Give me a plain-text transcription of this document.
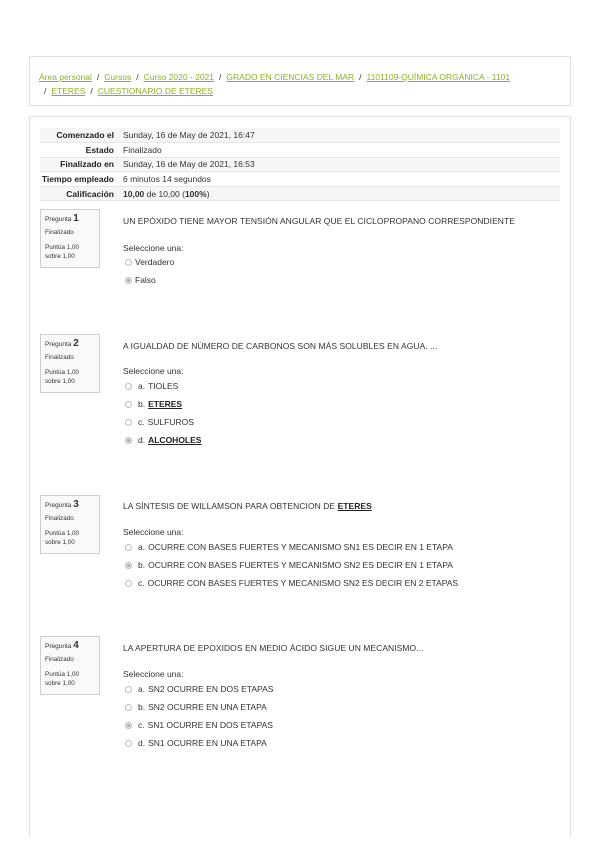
Área personal / Cursos / Curso 2020 - 2021 / GRADO EN CIENCIAS DEL MAR / 1101109-QUÍMICA ORGÁNICA - 1101
/ ETERES / CUESTIONARIO DE ETERES
Comenzado el	Sunday, 16 de May de 2021, 16:47
Estado	Finalizado
Finalizado en	Sunday, 16 de May de 2021, 16:53
Tiempo empleado	6 minutos 14 segundos
Calificación	10,00 de 10,00 (100%)
Pregunta 1
Finalizado
Puntúa 1,00
sobre 1,00
UN EPÓXIDO TIENE MAYOR TENSIÓN ANGULAR QUE EL CICLOPROPANO CORRESPONDIENTE
Seleccione una:
Verdadero
Falso
Pregunta 2
Finalizado
Puntúa 1,00
sobre 1,00
A IGUALDAD DE NÚMERO DE CARBONOS SON MÁS SOLUBLES EN AGUA. ...
Seleccione una:
a. TIOLES
b. ETERES
c. SULFUROS
d. ALCOHOLES
Pregunta 3
Finalizado
Puntúa 1,00
sobre 1,00
LA SÍNTESIS DE WILLAMSON PARA OBTENCION DE ETERES
Seleccione una:
a. OCURRE CON BASES FUERTES Y MECANISMO SN1 ES DECIR EN 1 ETAPA
b. OCURRE CON BASES FUERTES Y MECANISMO SN2 ES DECIR EN 1 ETAPA
c. OCURRE CON BASES FUERTES Y MECANISMO SN2 ES DECIR EN 2 ETAPAS
Pregunta 4
Finalizado
Puntúa 1,00
sobre 1,00
LA APERTURA DE EPOXIDOS EN MEDIO ÁCIDO SIGUE UN MECANISMO...
Seleccione una:
a. SN2 OCURRE EN DOS ETAPAS
b. SN2 OCURRE EN UNA ETAPA
c. SN1 OCURRE EN DOS ETAPAS
d. SN1 OCURRE EN UNA ETAPA
